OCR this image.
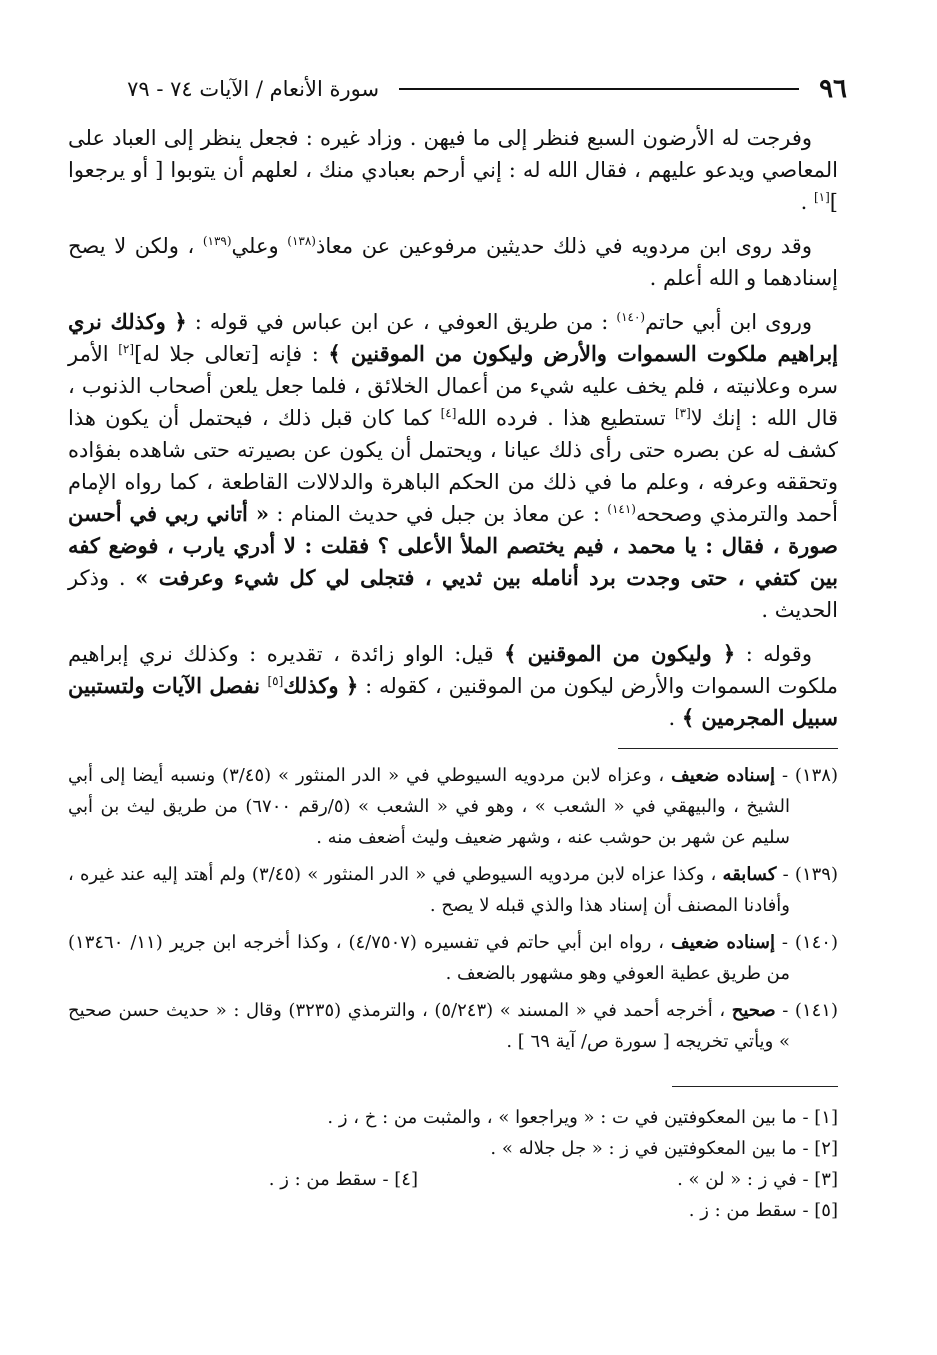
٩٦
سورة الأنعام / الآيات ٧٤ - ٧٩

وفرجت له الأرضون السبع فنظر إلى ما فيهن . وزاد غيره : فجعل ينظر إلى العباد على المعاصي ويدعو عليهم ، فقال الله له : إني أرحم بعبادي منك ، لعلهم أن يتوبوا [ أو يرجعوا ][١] .

وقد روى ابن مردويه في ذلك حديثين مرفوعين عن معاذ$^{(١٣٨)}$ وعلي$^{(١٣٩)}$ ، ولكن لا يصح إسنادهما و الله أعلم .

وروى ابن أبي حاتم$^{(١٤٠)}$ : من طريق العوفي ، عن ابن عباس في قوله : ﴿ وكذلك نري إبراهيم ملكوت السموات والأرض وليكون من الموقنين ﴾ : فإنه [تعالى جلا له][٢] الأمر سره وعلانيته ، فلم يخف عليه شيء من أعمال الخلائق ، فلما جعل يلعن أصحاب الذنوب ، قال الله : إنك لا[٣] تستطيع هذا . فرده الله[٤] كما كان قبل ذلك ، فيحتمل أن يكون هذا كشف له عن بصره حتى رأى ذلك عيانا ، ويحتمل أن يكون عن بصيرته حتى شاهده بفؤاده وتحققه وعرفه ، وعلم ما في ذلك من الحكم الباهرة والدلالات القاطعة ، كما رواه الإمام أحمد والترمذي وصححه$^{(١٤١)}$ : عن معاذ بن جبل في حديث المنام : « أتاني ربي في أحسن صورة ، فقال : يا محمد ، فيم يختصم الملأ الأعلى ؟ فقلت : لا أدري يارب ، فوضع كفه بين كتفي ، حتى وجدت برد أنامله بين ثديي ، فتجلى لي كل شيء وعرفت » . وذكر الحديث .

وقوله : ﴿ وليكون من الموقنين ﴾ قيل: الواو زائدة ، تقديره : وكذلك نري إبراهيم ملكوت السموات والأرض ليكون من الموقنين ، كقوله : ﴿ وكذلك[٥] نفصل الآيات ولتستبين سبيل المجرمين ﴾ .

(١٣٨) - إسناده ضعيف ، وعزاه لابن مردويه السيوطي في « الدر المنثور » (٣/٤٥) ونسبه أيضا إلى أبي الشيخ ، والبيهقي في « الشعب » ، وهو في « الشعب » (٥/رقم ٦٧٠٠) من طريق ليث بن أبي سليم عن شهر بن حوشب عنه ، وشهر ضعيف وليث أضعف منه .

(١٣٩) - كسابقه ، وكذا عزاه لابن مردويه السيوطي في « الدر المنثور » (٣/٤٥) ولم أهتد إليه عند غيره ، وأفادنا المصنف أن إسناد هذا والذي قبله لا يصح .

(١٤٠) - إسناده ضعيف ، رواه ابن أبي حاتم في تفسيره (٤/٧٥٠٧) ، وكذا أخرجه ابن جرير (١١/ ١٣٤٦٠) من طريق عطية العوفي وهو مشهور بالضعف .

(١٤١) - صحيح ، أخرجه أحمد في « المسند » (٥/٢٤٣) ، والترمذي (٣٢٣٥) وقال : « حديث حسن صحيح » ويأتي تخريجه [ سورة ص/ آية ٦٩ ] .

[١] - ما بين المعكوفتين في ت : « ويراجعوا » ، والمثبت من : خ ، ز .

[٢] - ما بين المعكوفتين في ز : « جل جلاله » .

[٣] - في ز : « لن » .

[٤] - سقط من : ز .

[٥] - سقط من : ز .
